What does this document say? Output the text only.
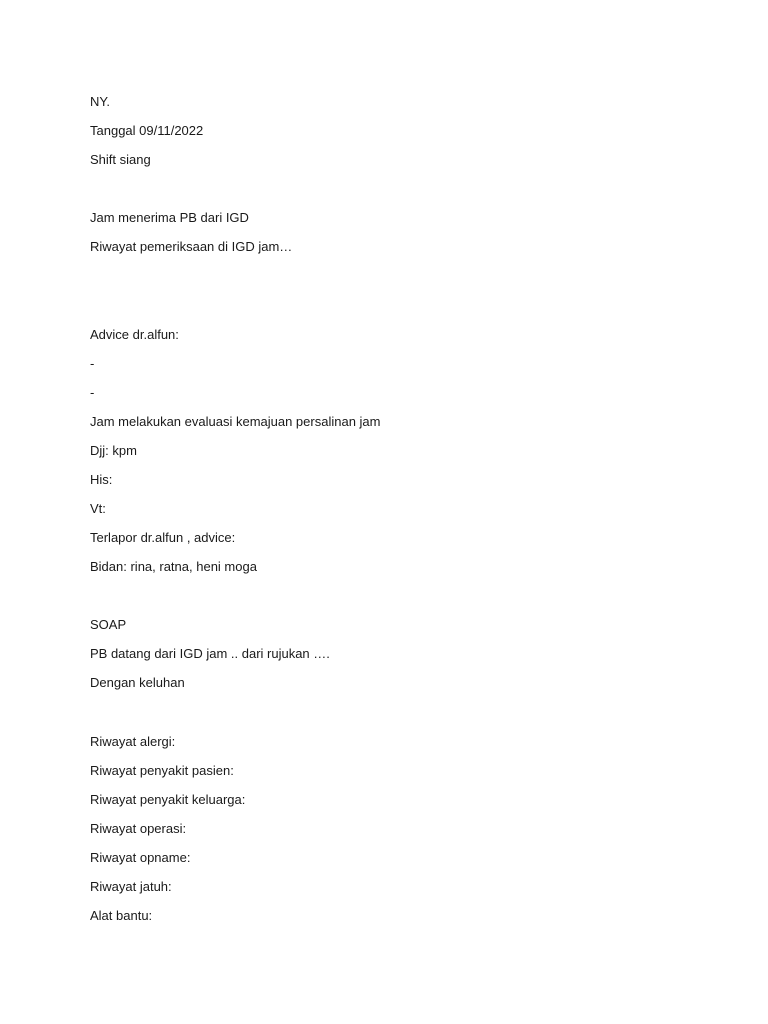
NY.
Tanggal 09/11/2022
Shift siang
Jam menerima PB dari IGD
Riwayat pemeriksaan di IGD jam…
Advice dr.alfun:
-
-
Jam melakukan evaluasi kemajuan persalinan jam
Djj: kpm
His:
Vt:
Terlapor dr.alfun , advice:
Bidan: rina, ratna, heni moga
SOAP
PB datang dari IGD jam .. dari rujukan ….
Dengan keluhan
Riwayat alergi:
Riwayat penyakit pasien:
Riwayat penyakit keluarga:
Riwayat operasi:
Riwayat opname:
Riwayat jatuh:
Alat bantu:
